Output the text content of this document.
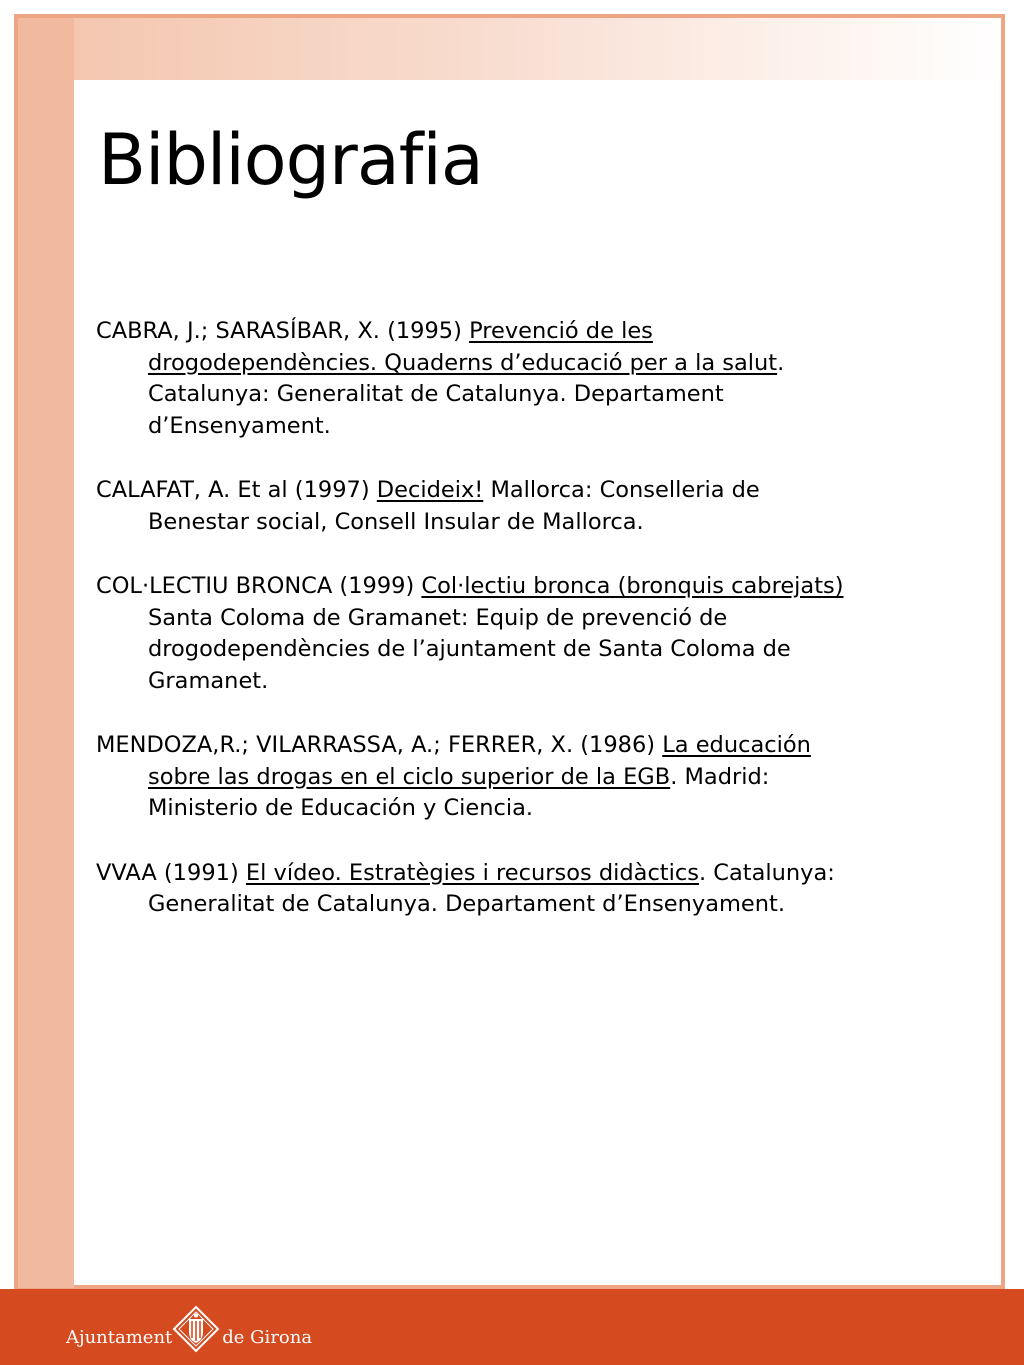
Bibliografia
CABRA, J.; SARASÍBAR, X. (1995) Prevenció de les drogodependències. Quaderns d’educació per a la salut. Catalunya: Generalitat de Catalunya. Departament d’Ensenyament.
CALAFAT, A. Et al (1997) Decideix! Mallorca: Conselleria de Benestar social, Consell Insular de Mallorca.
COL·LECTIU BRONCA (1999) Col·lectiu bronca (bronquis cabrejats) Santa Coloma de Gramanet: Equip de prevenció de drogodependències de l’ajuntament de Santa Coloma de Gramanet.
MENDOZA,R.; VILARRASSA, A.; FERRER, X. (1986) La educación sobre las drogas en el ciclo superior de la EGB. Madrid: Ministerio de Educación y Ciencia.
VVAA (1991) El vídeo. Estratègies i recursos didàctics. Catalunya: Generalitat de Catalunya. Departament d’Ensenyament.
Ajuntament	de Girona
